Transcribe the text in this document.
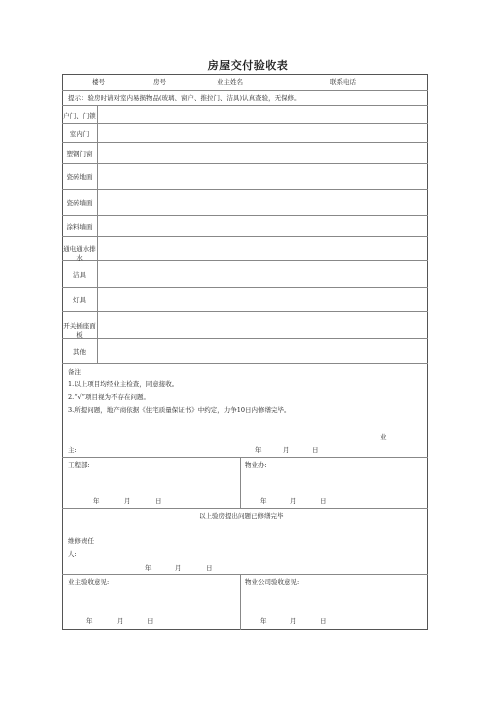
房屋交付验收表
楼号	房号	业主姓名	联系电话
提示：验房时请对室内易损物品(玻璃、窗户、推拉门、洁具)认真查验，无保修。
户门、门锁
室内门
塑钢门窗
瓷砖地面
瓷砖墙面
涂料墙面
通电通水排水
洁具
灯具
开关插座面板
其他
备注
1.以上项目均经业主检查，同意接收。
2.“√”项目视为不存在问题。
3.所提问题，地产商依据《住宅质量保证书》中约定，力争10日内修缮完毕。
业
主:	年	月	日
工程部:	物业办:
年	月	日	年	月	日
以上验房提出问题已修缮完毕
维修责任
人:
年	月	日
业主验收意见:	物业公司验收意见:
年	月	日	年	月	日
